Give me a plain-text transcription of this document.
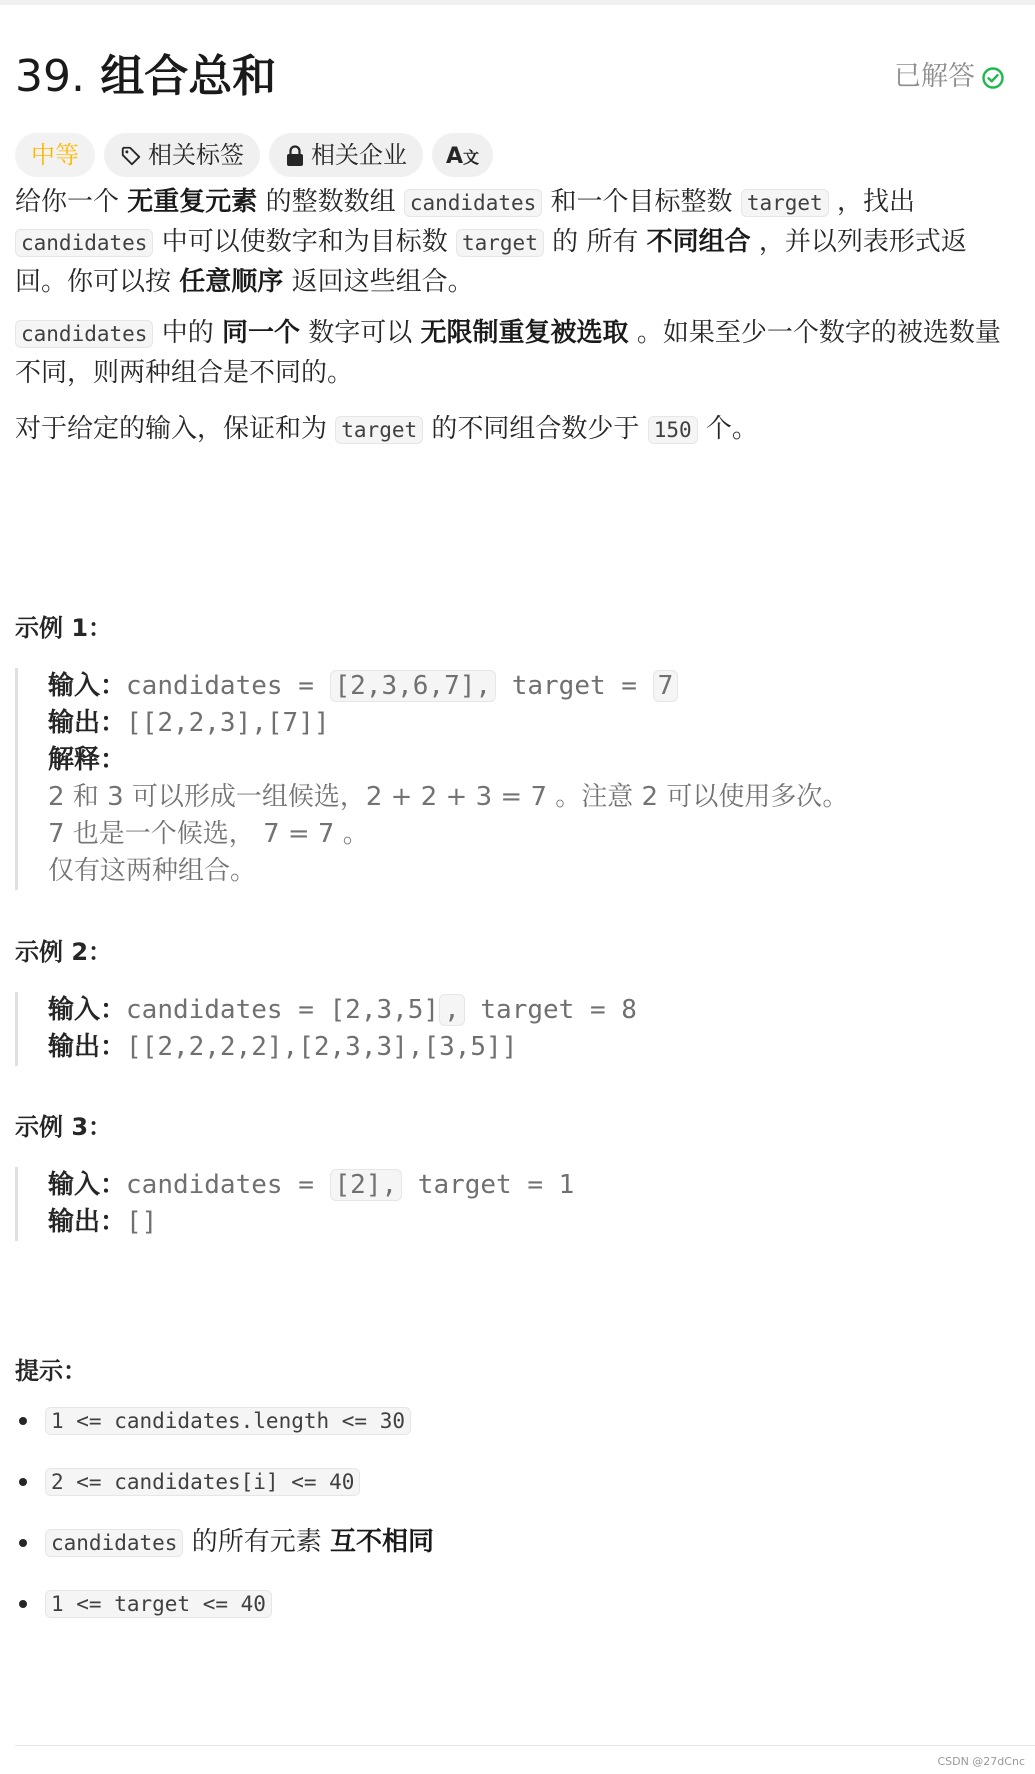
39. 组合总和	已解答
中等	相关标签	相关企业	A文
给你一个 无重复元素 的整数数组 candidates 和一个目标整数 target ，找出 candidates 中可以使数字和为目标数 target 的 所有 不同组合 ，并以列表形式返回。你可以按 任意顺序 返回这些组合。
candidates 中的 同一个 数字可以 无限制重复被选取 。如果至少一个数字的被选数量不同，则两种组合是不同的。
对于给定的输入，保证和为 target 的不同组合数少于 150 个。
示例 1：
输入：candidates = [2,3,6,7], target = 7
输出：[[2,2,3],[7]]
解释：
2 和 3 可以形成一组候选，2 + 2 + 3 = 7 。注意 2 可以使用多次。
7 也是一个候选， 7 = 7 。
仅有这两种组合。
示例 2：
输入：candidates = [2,3,5] , target = 8
输出：[[2,2,2,2],[2,3,3],[3,5]]
示例 3：
输入：candidates = [2], target = 1
输出：[]
提示：
1 <= candidates.length <= 30
2 <= candidates[i] <= 40
candidates 的所有元素 互不相同
1 <= target <= 40
CSDN @27dCnc
